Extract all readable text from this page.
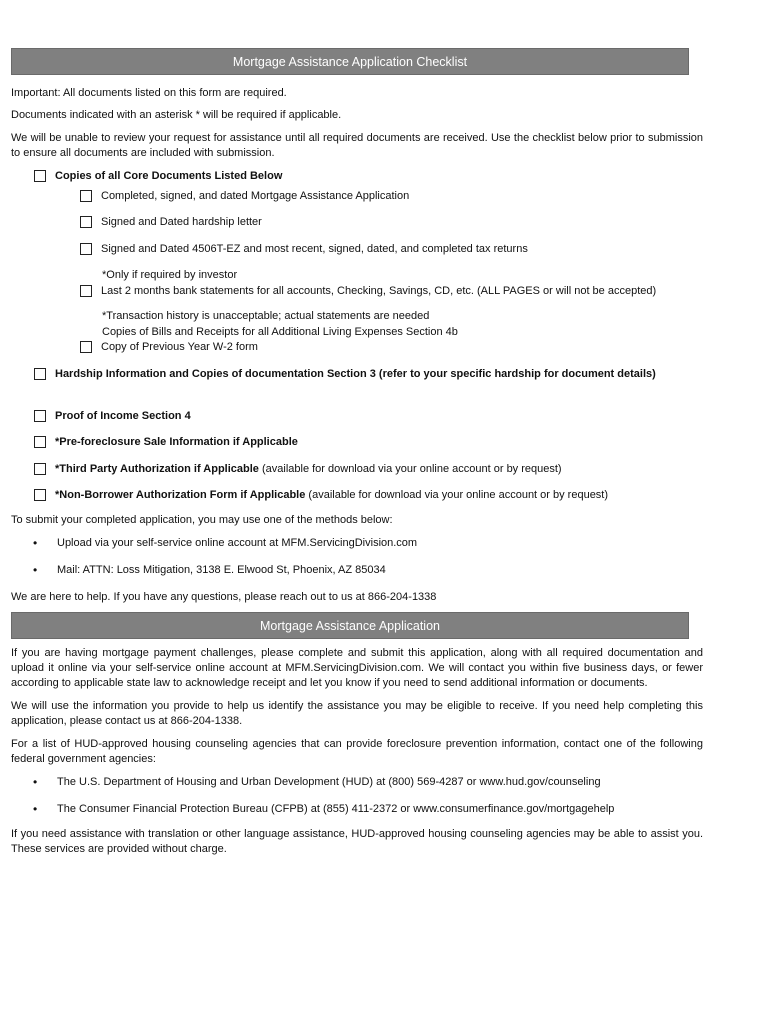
Mortgage Assistance Application Checklist
Important: All documents listed on this form are required.
Documents indicated with an asterisk * will be required if applicable.
We will be unable to review your request for assistance until all required documents are received. Use the checklist below prior to submission to ensure all documents are included with submission.
Copies of all Core Documents Listed Below
Completed, signed, and dated Mortgage Assistance Application
Signed and Dated hardship letter
Signed and Dated 4506T-EZ and most recent, signed, dated, and completed tax returns
*Only if required by investor
Last 2 months bank statements for all accounts, Checking, Savings, CD, etc. (ALL PAGES or will not be accepted)
*Transaction history is unacceptable; actual statements are needed
Copies of Bills and Receipts for all Additional Living Expenses Section 4b
Copy of Previous Year W-2 form
Hardship Information and Copies of documentation Section 3 (refer to your specific hardship for document details)
Proof of Income Section 4
*Pre-foreclosure Sale Information if Applicable
*Third Party Authorization if Applicable (available for download via your online account or by request)
*Non-Borrower Authorization Form if Applicable (available for download via your online account or by request)
To submit your completed application, you may use one of the methods below:
•	Upload via your self-service online account at MFM.ServicingDivision.com
•	Mail: ATTN: Loss Mitigation, 3138 E. Elwood St, Phoenix, AZ 85034
We are here to help. If you have any questions, please reach out to us at 866-204-1338
Mortgage Assistance Application
If you are having mortgage payment challenges, please complete and submit this application, along with all required documentation and upload it online via your self-service online account at MFM.ServicingDivision.com. We will contact you within five business days, or fewer according to applicable state law to acknowledge receipt and let you know if you need to send additional information or documents.
We will use the information you provide to help us identify the assistance you may be eligible to receive. If you need help completing this application, please contact us at 866-204-1338.
For a list of HUD-approved housing counseling agencies that can provide foreclosure prevention information, contact one of the following federal government agencies:
•	The U.S. Department of Housing and Urban Development (HUD) at (800) 569-4287 or www.hud.gov/counseling
•	The Consumer Financial Protection Bureau (CFPB) at (855) 411-2372 or www.consumerfinance.gov/mortgagehelp
If you need assistance with translation or other language assistance, HUD-approved housing counseling agencies may be able to assist you. These services are provided without charge.
